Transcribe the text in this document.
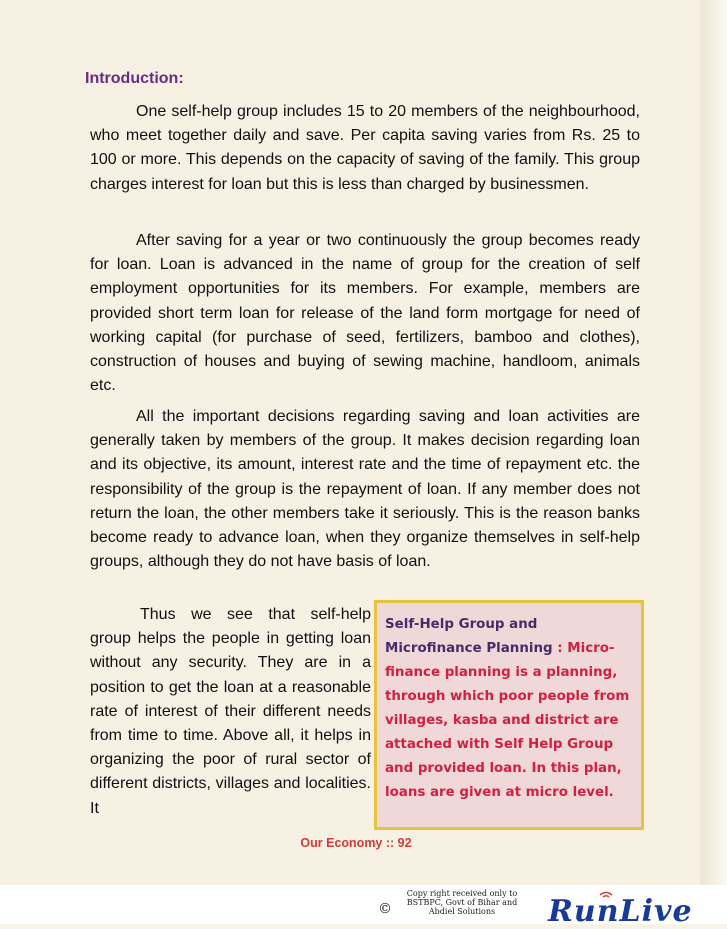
Introduction:

One self-help group includes 15 to 20 members of the neighbourhood, who meet together daily and save. Per capita saving varies from Rs. 25 to 100 or more. This depends on the capacity of saving of the family. This group charges interest for loan but this is less than charged by businessmen.

After saving for a year or two continuously the group becomes ready for loan. Loan is advanced in the name of group for the creation of self employment opportunities for its members. For example, members are provided short term loan for release of the land form mortgage for need of working capital (for purchase of seed, fertilizers, bamboo and clothes), construction of houses and buying of sewing machine, handloom, animals etc.

All the important decisions regarding saving and loan activities are generally taken by members of the group. It makes decision regarding loan and its objective, its amount, interest rate and the time of repayment etc. the responsibility of the group is the repayment of loan. If any member does not return the loan, the other members take it seriously. This is the reason banks become ready to advance loan, when they organize themselves in self-help groups, although they do not have basis of loan.

Thus we see that self-help group helps the people in getting loan without any security. They are in a position to get the loan at a reasonable rate of interest of their different needs from time to time. Above all, it helps in organizing the poor of rural sector of different districts, villages and localities. It

Self-Help Group and Microfinance Planning : Micro-finance planning is a planning, through which poor people from villages, kasba and district are attached with Self Help Group and provided loan. In this plan, loans are given at micro level.
Our Economy :: 92
©
Copy right received only to
BSTBPC, Govt of Bihar and
Abdiel Solutions	RunLive
